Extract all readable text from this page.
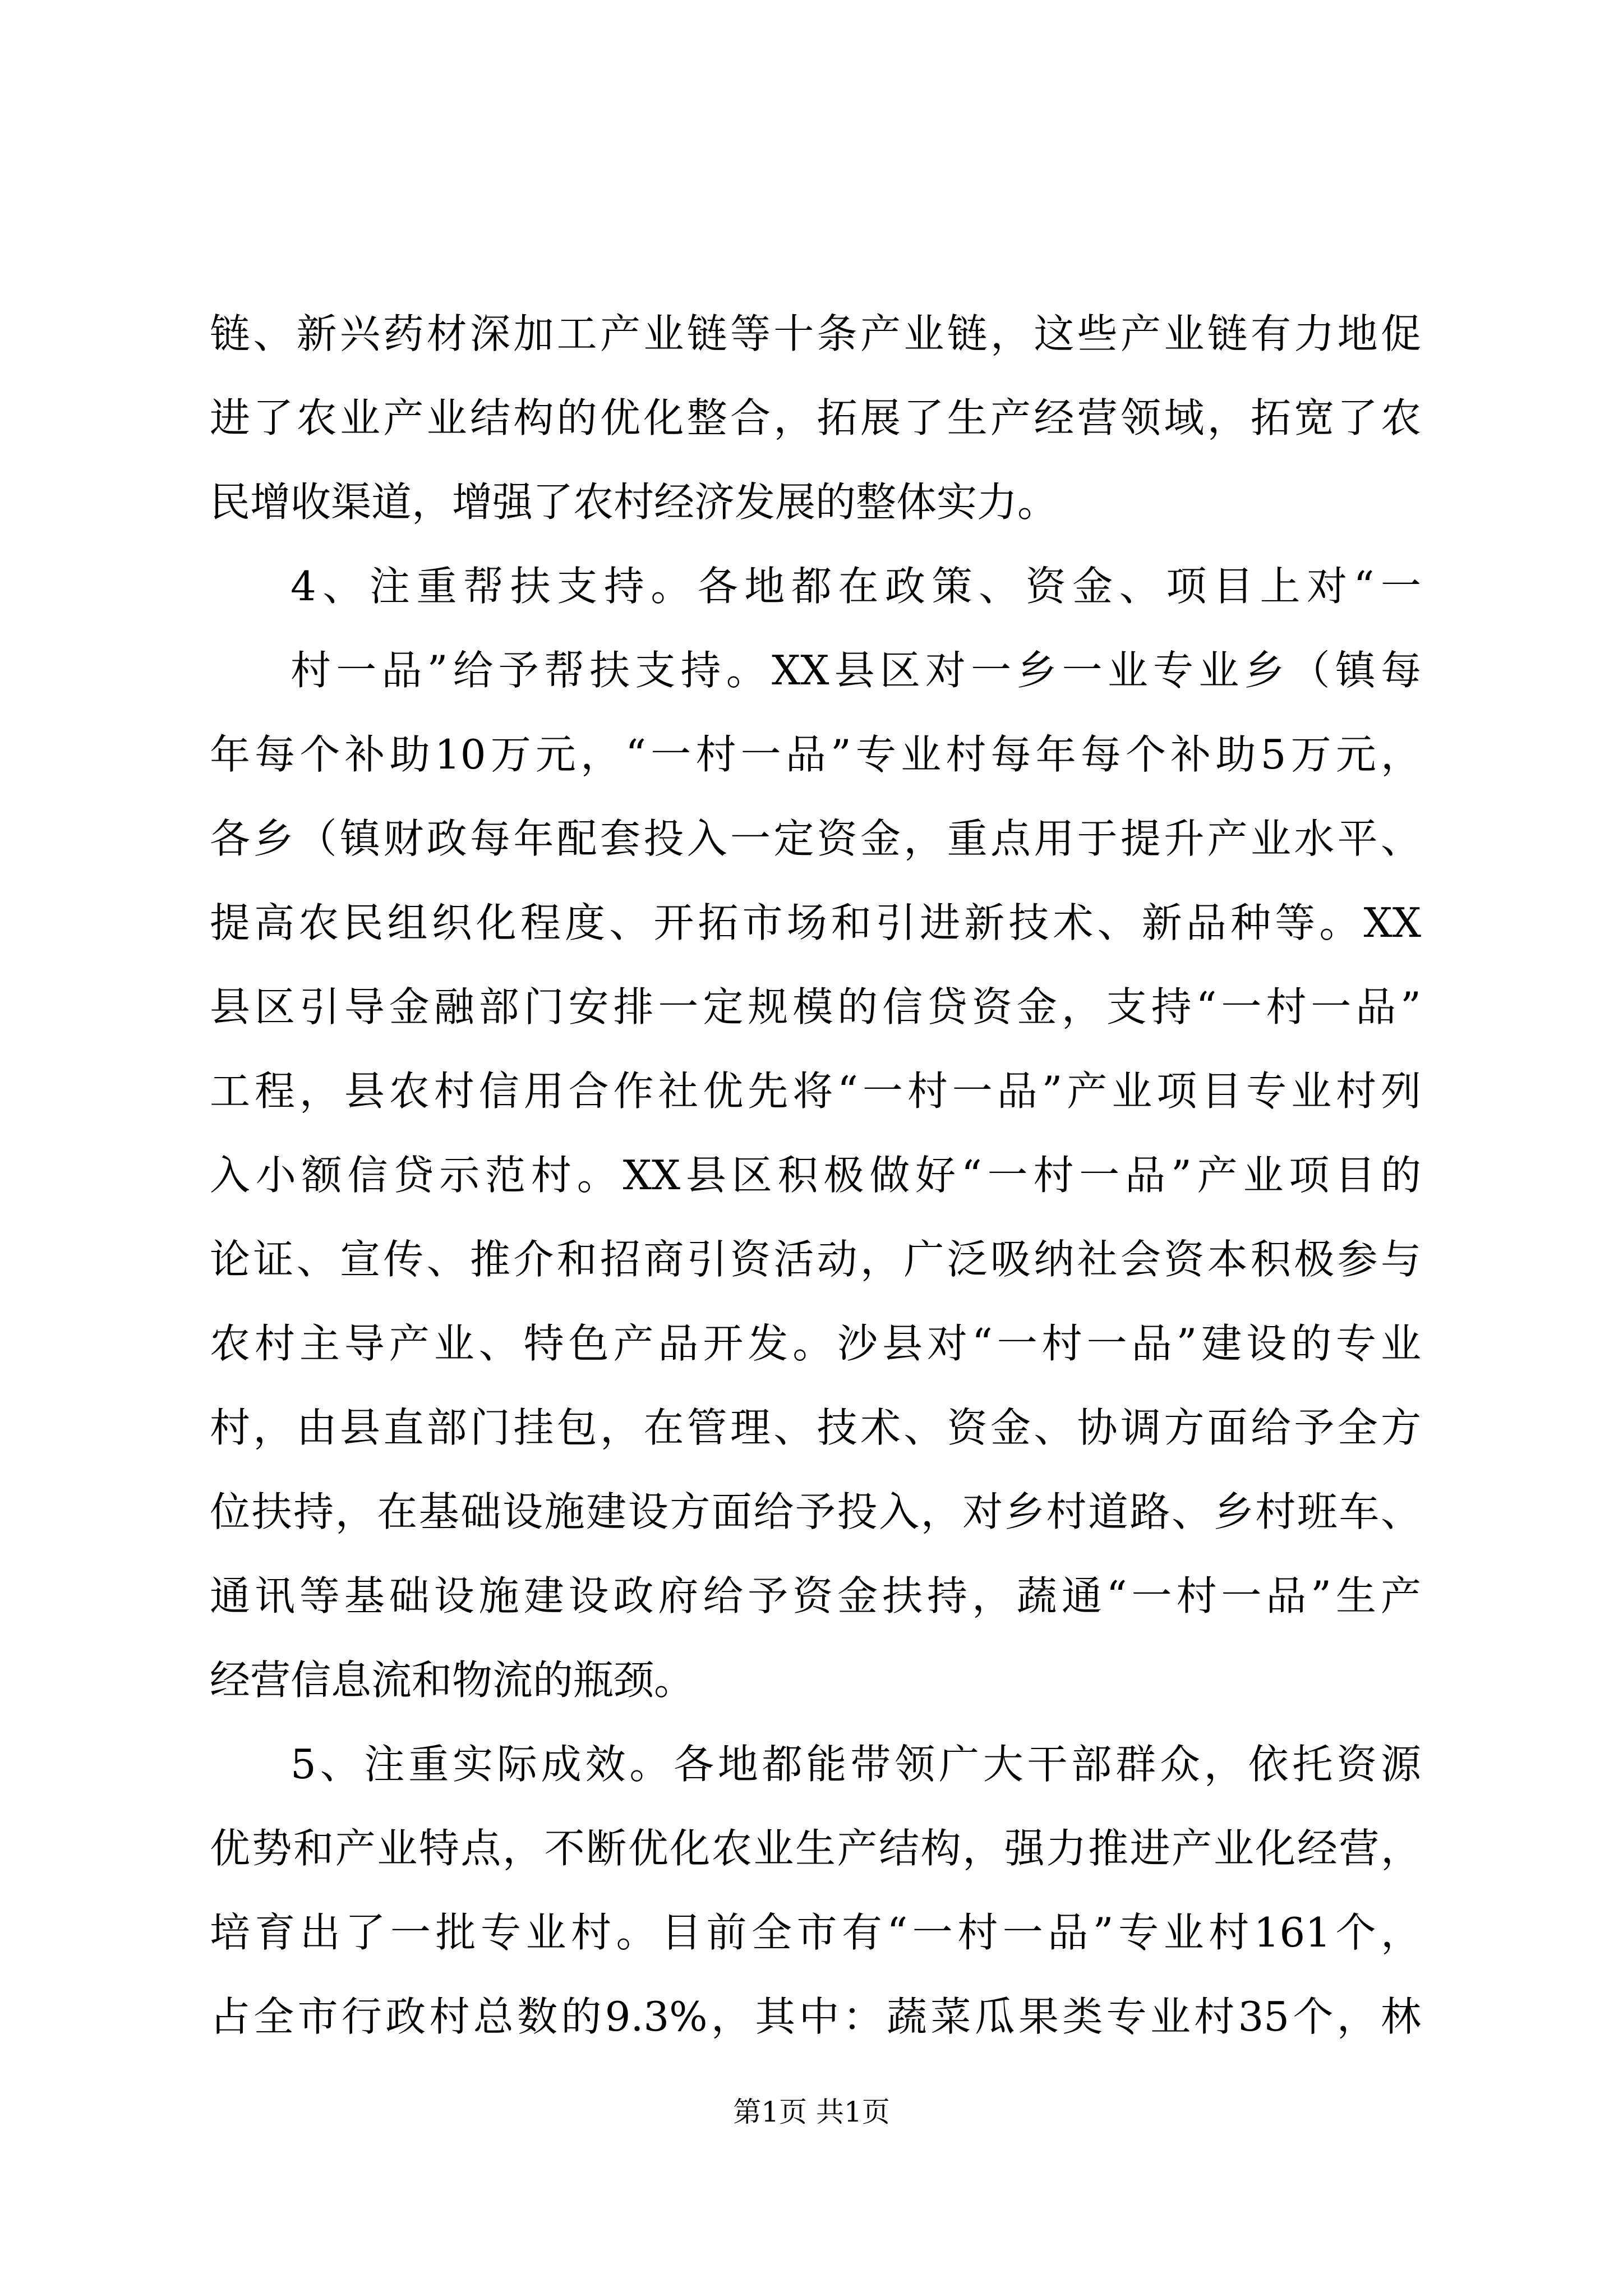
链、新兴药材深加工产业链等十条产业链，这些产业链有力地促
进了农业产业结构的优化整合，拓展了生产经营领域，拓宽了农
民增收渠道，增强了农村经济发展的整体实力。
4、注重帮扶支持。各地都在政策、资金、项目上对“一
村一品”给予帮扶支持。XX县区对一乡一业专业乡（镇每
年每个补助10万元，“一村一品”专业村每年每个补助5万元，
各乡（镇财政每年配套投入一定资金，重点用于提升产业水平、
提高农民组织化程度、开拓市场和引进新技术、新品种等。XX
县区引导金融部门安排一定规模的信贷资金，支持“一村一品”
工程，县农村信用合作社优先将“一村一品”产业项目专业村列
入小额信贷示范村。XX县区积极做好“一村一品”产业项目的
论证、宣传、推介和招商引资活动，广泛吸纳社会资本积极参与
农村主导产业、特色产品开发。沙县对“一村一品”建设的专业
村，由县直部门挂包，在管理、技术、资金、协调方面给予全方
位扶持，在基础设施建设方面给予投入，对乡村道路、乡村班车、
通讯等基础设施建设政府给予资金扶持，蔬通“一村一品”生产
经营信息流和物流的瓶颈。
5、注重实际成效。各地都能带领广大干部群众，依托资源
优势和产业特点，不断优化农业生产结构，强力推进产业化经营，
培育出了一批专业村。目前全市有“一村一品”专业村161个，
占全市行政村总数的9.3%，其中：蔬菜瓜果类专业村35个，林
第1页 共1页
